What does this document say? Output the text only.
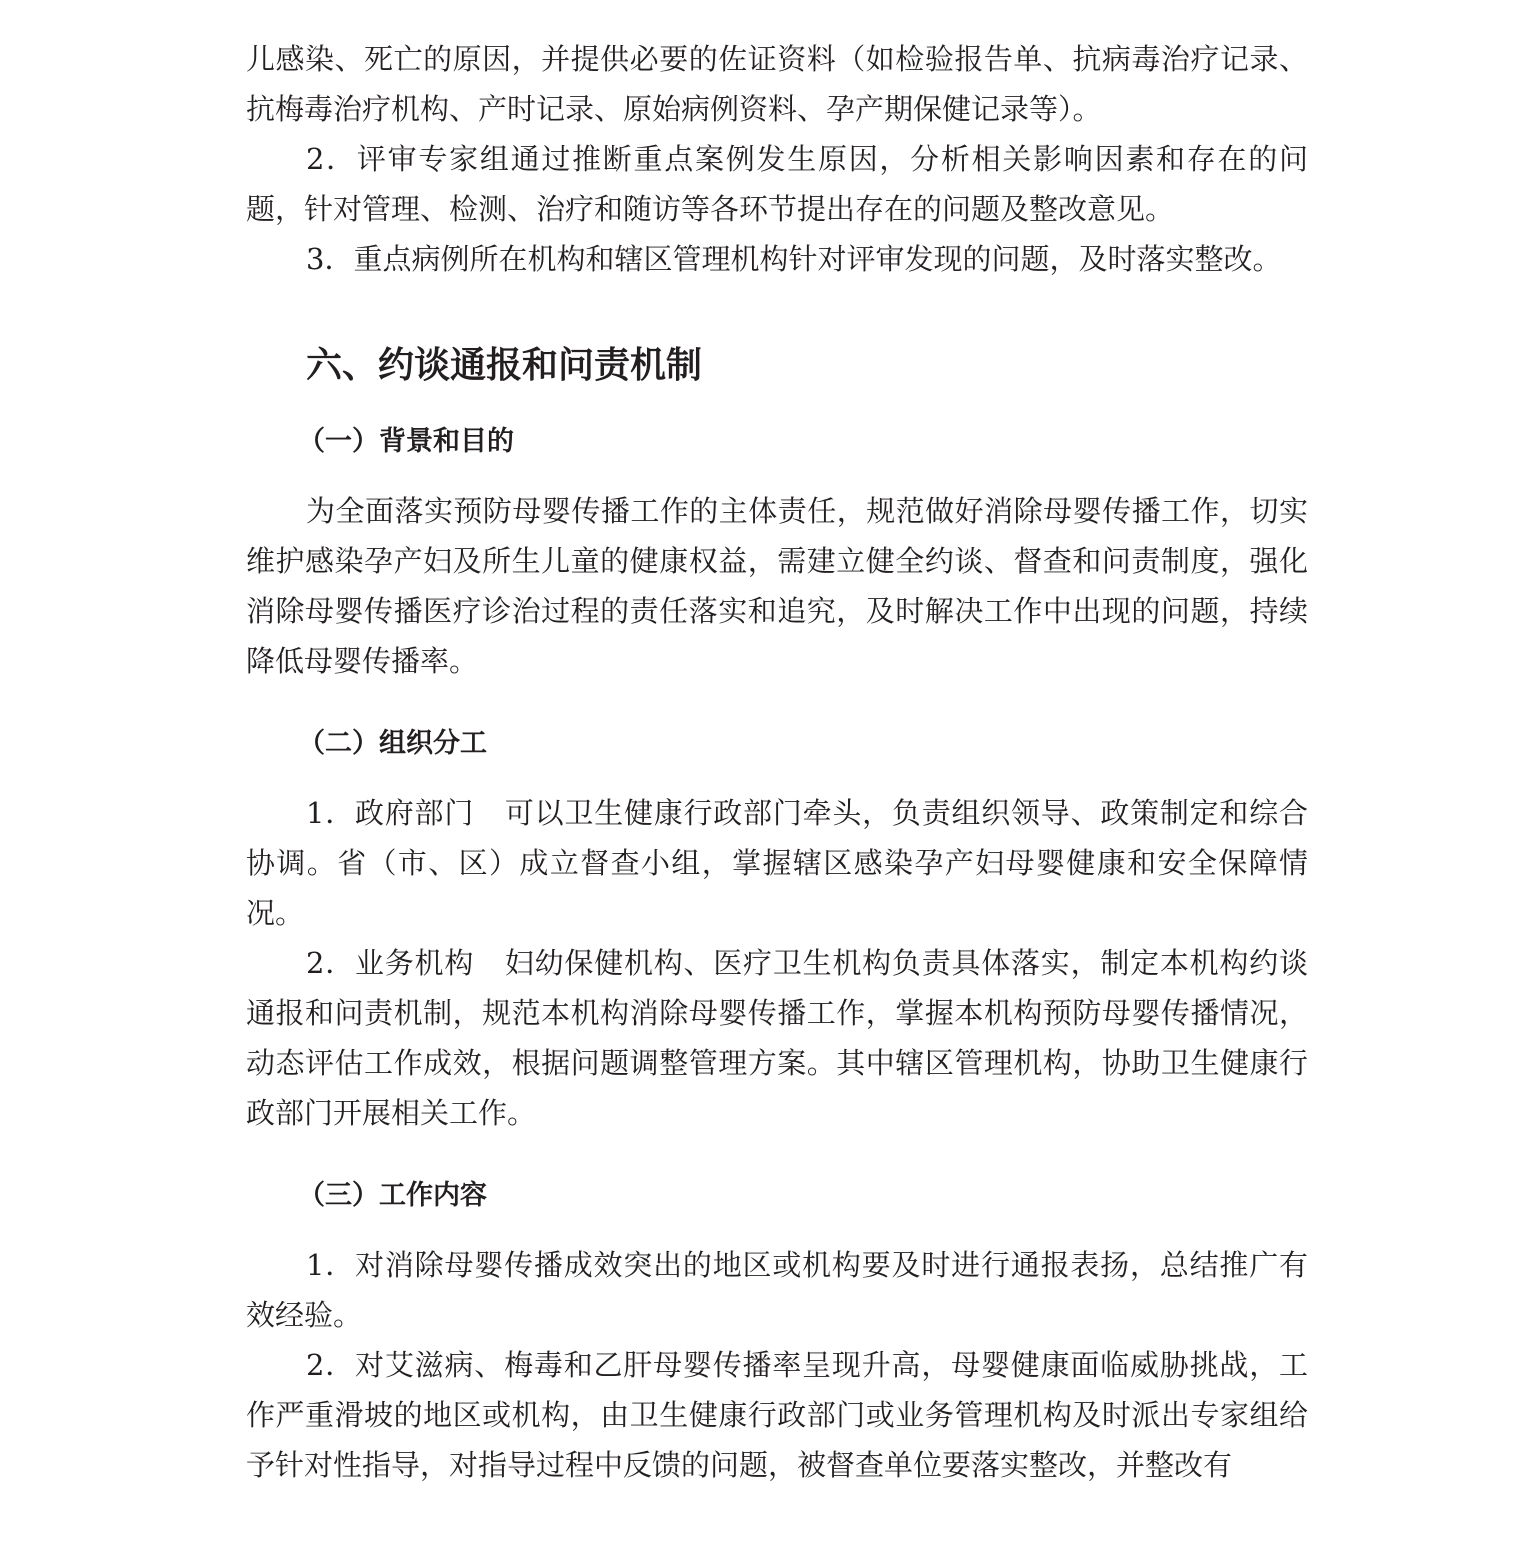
儿感染、死亡的原因，并提供必要的佐证资料（如检验报告单、抗病毒治疗记录、抗梅毒治疗机构、产时记录、原始病例资料、孕产期保健记录等）。

2．评审专家组通过推断重点案例发生原因，分析相关影响因素和存在的问题，针对管理、检测、治疗和随访等各环节提出存在的问题及整改意见。

3．重点病例所在机构和辖区管理机构针对评审发现的问题，及时落实整改。

六、约谈通报和问责机制
（一）背景和目的

为全面落实预防母婴传播工作的主体责任，规范做好消除母婴传播工作，切实维护感染孕产妇及所生儿童的健康权益，需建立健全约谈、督查和问责制度，强化消除母婴传播医疗诊治过程的责任落实和追究，及时解决工作中出现的问题，持续降低母婴传播率。

（二）组织分工

1．政府部门 可以卫生健康行政部门牵头，负责组织领导、政策制定和综合协调。省（市、区）成立督查小组，掌握辖区感染孕产妇母婴健康和安全保障情况。

2．业务机构 妇幼保健机构、医疗卫生机构负责具体落实，制定本机构约谈通报和问责机制，规范本机构消除母婴传播工作，掌握本机构预防母婴传播情况，动态评估工作成效，根据问题调整管理方案。其中辖区管理机构，协助卫生健康行政部门开展相关工作。

（三）工作内容

1．对消除母婴传播成效突出的地区或机构要及时进行通报表扬，总结推广有效经验。

2．对艾滋病、梅毒和乙肝母婴传播率呈现升高，母婴健康面临威胁挑战，工作严重滑坡的地区或机构，由卫生健康行政部门或业务管理机构及时派出专家组给予针对性指导，对指导过程中反馈的问题，被督查单位要落实整改，并整改有
